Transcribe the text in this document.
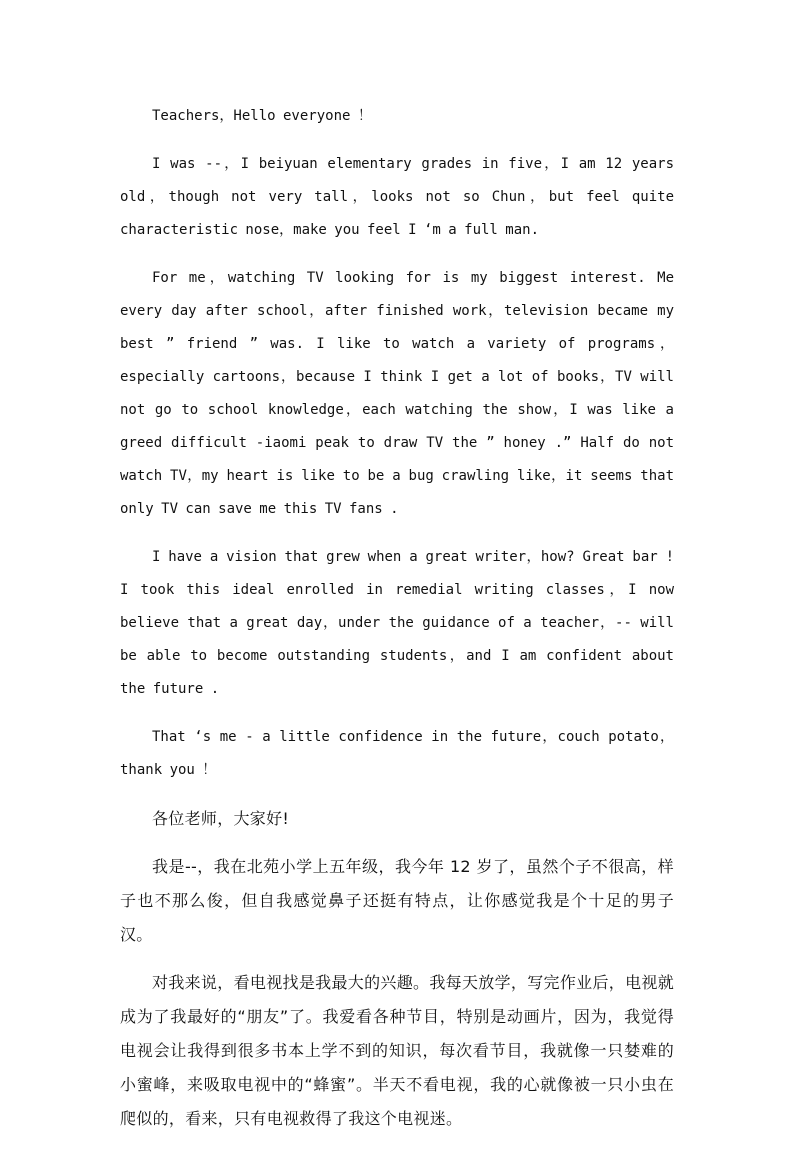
Teachers，Hello everyone ！

I was --，I beiyuan elementary grades in five，I am 12 years old，though not very tall，looks not so Chun，but feel quite characteristic nose，make you feel I ‘m a full man.

For me，watching TV looking for is my biggest interest. Me every day after school，after finished work，television became my best ” friend ” was. I like to watch a variety of programs，especially cartoons，because I think I get a lot of books，TV will not go to school knowledge，each watching the show，I was like a greed difficult -iaomi peak to draw TV the ” honey .” Half do not watch TV，my heart is like to be a bug crawling like，it seems that only TV can save me this TV fans .

I have a vision that grew when a great writer，how? Great bar ! I took this ideal enrolled in remedial writing classes，I now believe that a great day，under the guidance of a teacher，-- will be able to become outstanding students，and I am confident about the future .

That ‘s me - a little confidence in the future，couch potato， thank you ！

各位老师，大家好!

我是--，我在北苑小学上五年级，我今年 12 岁了，虽然个子不很高，样子也不那么俊，但自我感觉鼻子还挺有特点，让你感觉我是个十足的男子汉。

对我来说，看电视找是我最大的兴趣。我每天放学，写完作业后，电视就成为了我最好的“朋友”了。我爱看各种节目，特别是动画片，因为，我觉得电视会让我得到很多书本上学不到的知识，每次看节目，我就像一只婪难的小蜜峰，来吸取电视中的“蜂蜜”。半天不看电视，我的心就像被一只小虫在爬似的，看来，只有电视救得了我这个电视迷。
